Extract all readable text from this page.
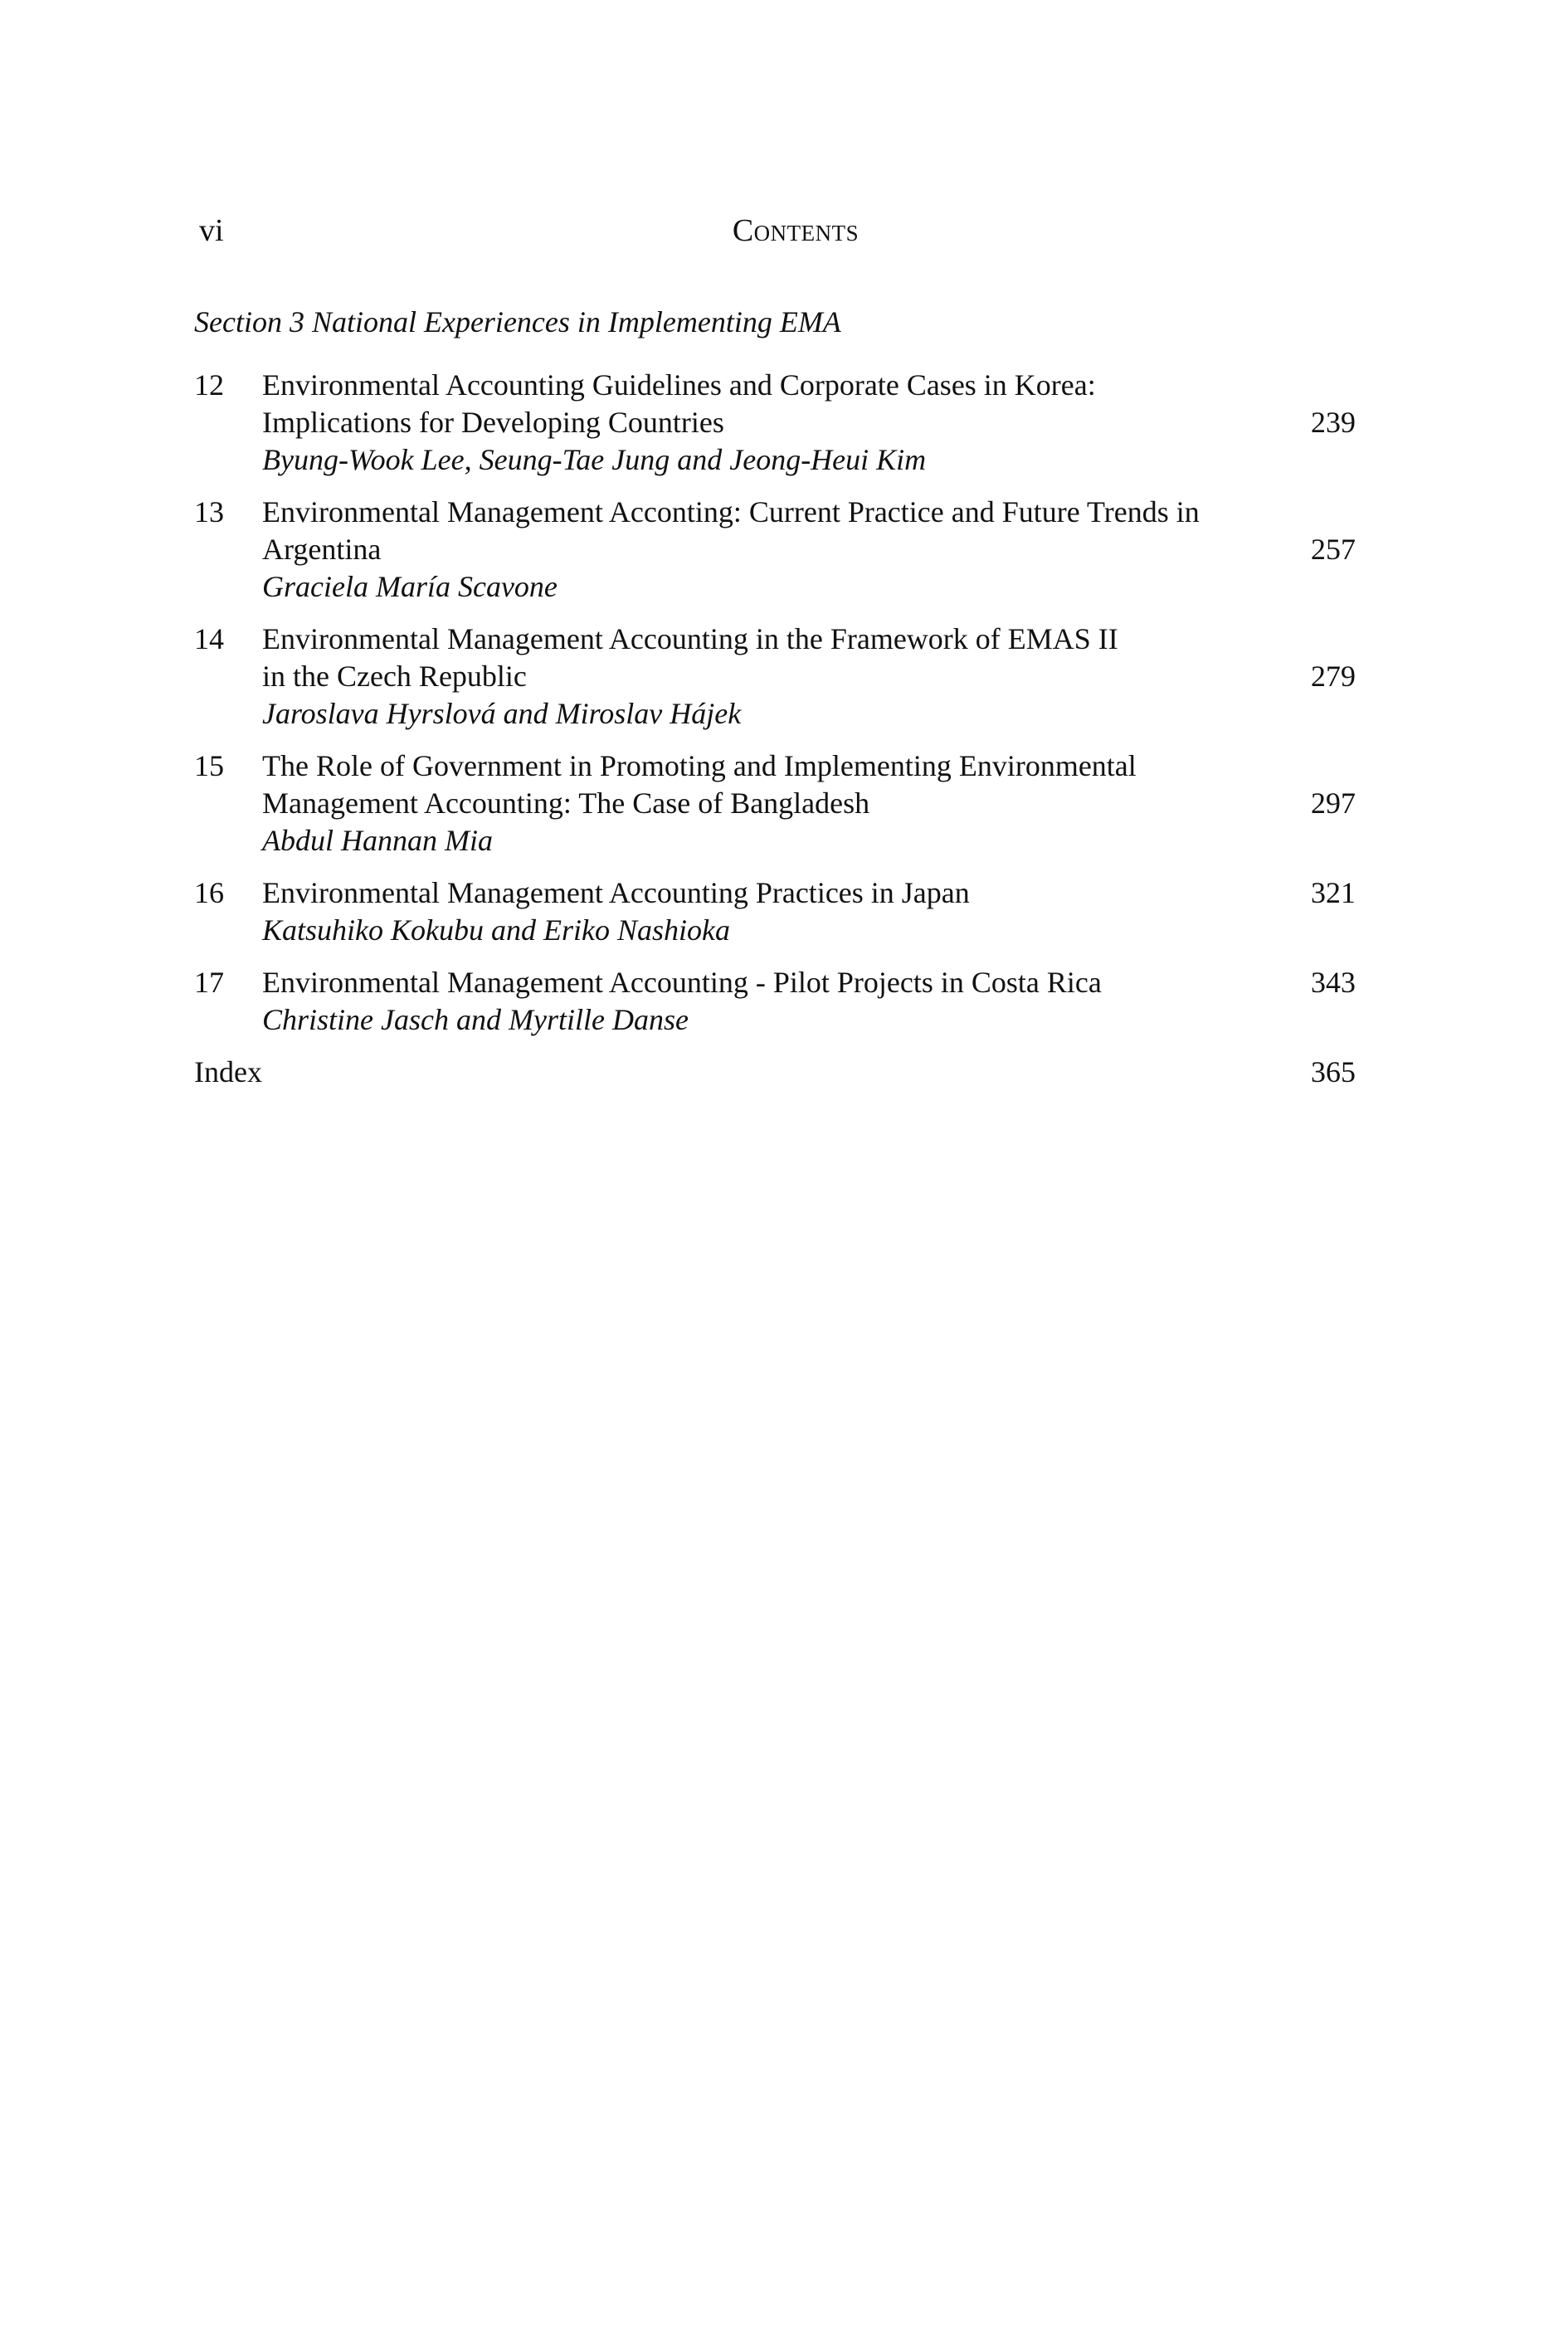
vi	Contents
Section 3 National Experiences in Implementing EMA
12 Environmental Accounting Guidelines and Corporate Cases in Korea:
Implications for Developing Countries
Byung-Wook Lee, Seung-Tae Jung and Jeong-Heui Kim
239
13 Environmental Management Acconting: Current Practice and Future Trends in
Argentina
Graciela María Scavone
257
14 Environmental Management Accounting in the Framework of EMAS II
in the Czech Republic
Jaroslava Hyrslová and Miroslav Hájek
279
15 The Role of Government in Promoting and Implementing Environmental
Management Accounting: The Case of Bangladesh
Abdul Hannan Mia
297
16 Environmental Management Accounting Practices in Japan
Katsuhiko Kokubu and Eriko Nashioka
321
17 Environmental Management Accounting - Pilot Projects in Costa Rica
Christine Jasch and Myrtille Danse
343
Index	365
